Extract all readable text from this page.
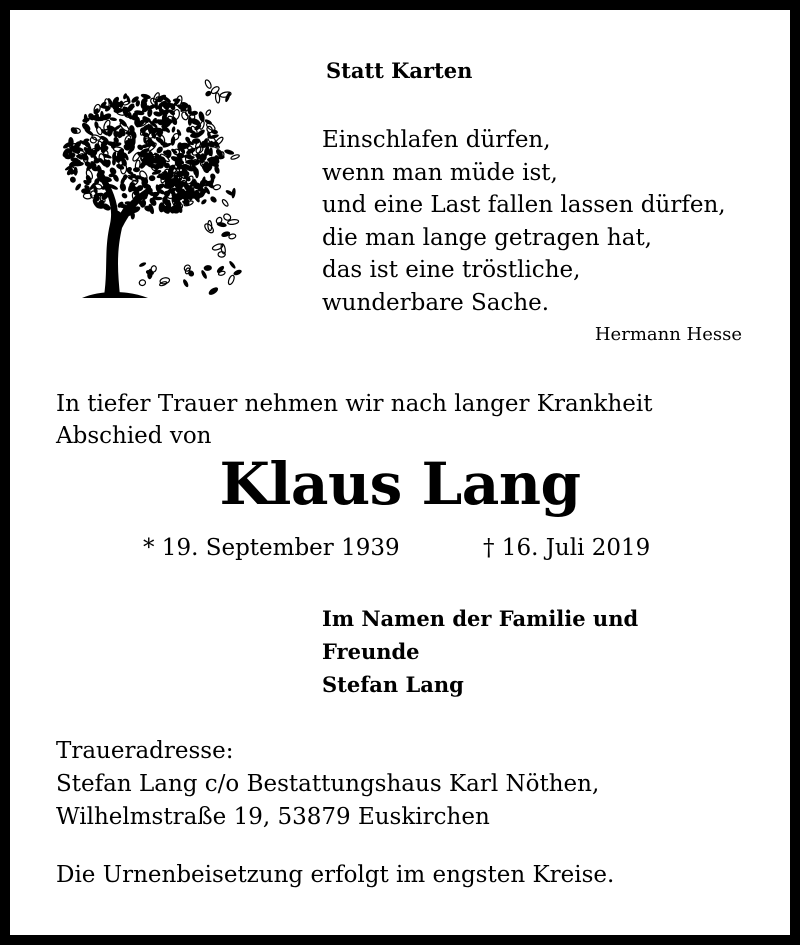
Statt Karten
Einschlafen dürfen,
wenn man müde ist,
und eine Last fallen lassen dürfen,
die man lange getragen hat,
das ist eine tröstliche,
wunderbare Sache.
Hermann Hesse
In tiefer Trauer nehmen wir nach langer Krankheit Abschied von
Klaus Lang
* 19. September 1939	† 16. Juli 2019
Im Namen der Familie und
Freunde
Stefan Lang
Traueradresse:
Stefan Lang c/o Bestattungshaus Karl Nöthen,
Wilhelmstraße 19, 53879 Euskirchen
Die Urnenbeisetzung erfolgt im engsten Kreise.
